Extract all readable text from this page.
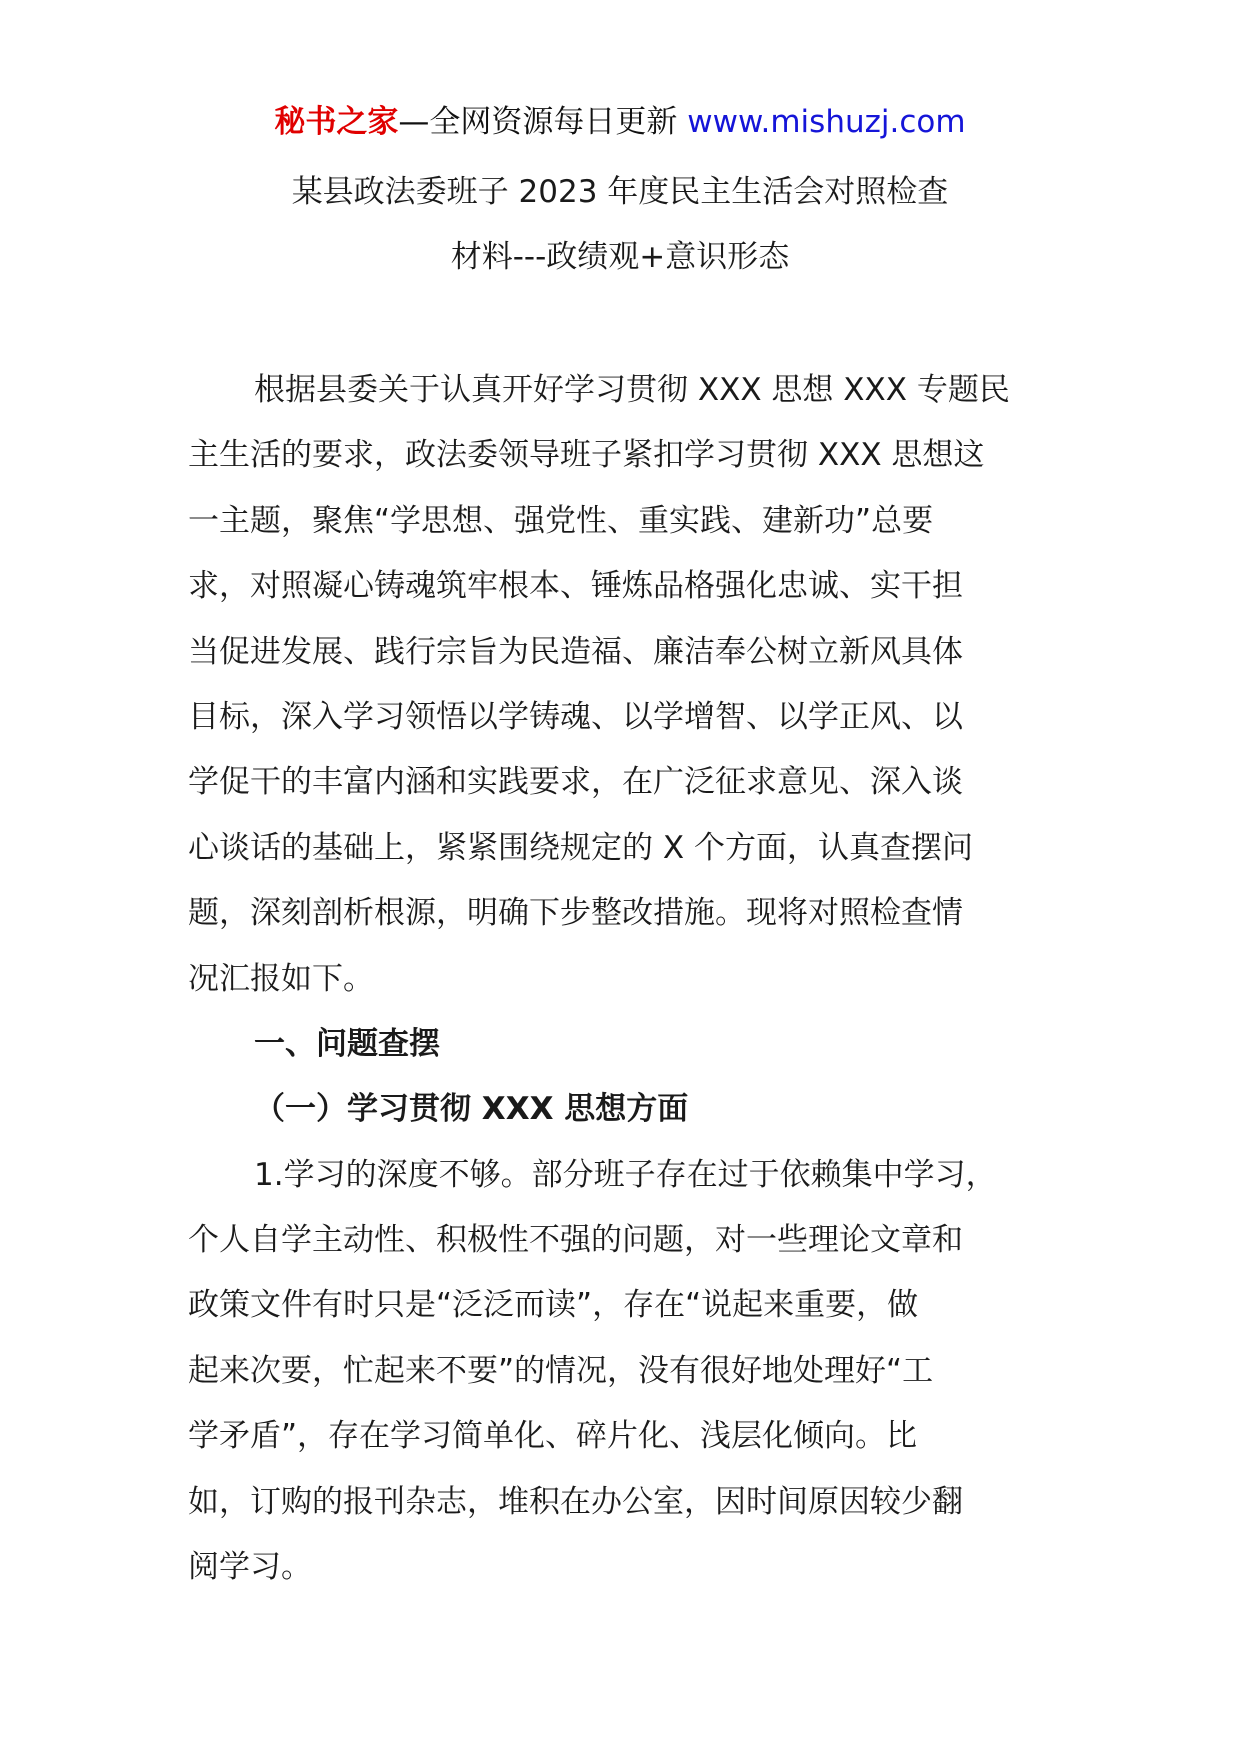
秘书之家—全网资源每日更新 www.mishuzj.com
某县政法委班子 2023 年度民主生活会对照检查
材料---政绩观+意识形态
根据县委关于认真开好学习贯彻 XXX 思想 XXX 专题民
主生活的要求，政法委领导班子紧扣学习贯彻 XXX 思想这
一主题，聚焦“学思想、强党性、重实践、建新功”总要
求，对照凝心铸魂筑牢根本、锤炼品格强化忠诚、实干担
当促进发展、践行宗旨为民造福、廉洁奉公树立新风具体
目标，深入学习领悟以学铸魂、以学增智、以学正风、以
学促干的丰富内涵和实践要求，在广泛征求意见、深入谈
心谈话的基础上，紧紧围绕规定的 X 个方面，认真查摆问
题，深刻剖析根源，明确下步整改措施。现将对照检查情
况汇报如下。
一、问题查摆
（一）学习贯彻 XXX 思想方面
1.学习的深度不够。部分班子存在过于依赖集中学习，
个人自学主动性、积极性不强的问题，对一些理论文章和
政策文件有时只是“泛泛而读”，存在“说起来重要，做
起来次要，忙起来不要”的情况，没有很好地处理好“工
学矛盾”，存在学习简单化、碎片化、浅层化倾向。比
如，订购的报刊杂志，堆积在办公室，因时间原因较少翻
阅学习。
